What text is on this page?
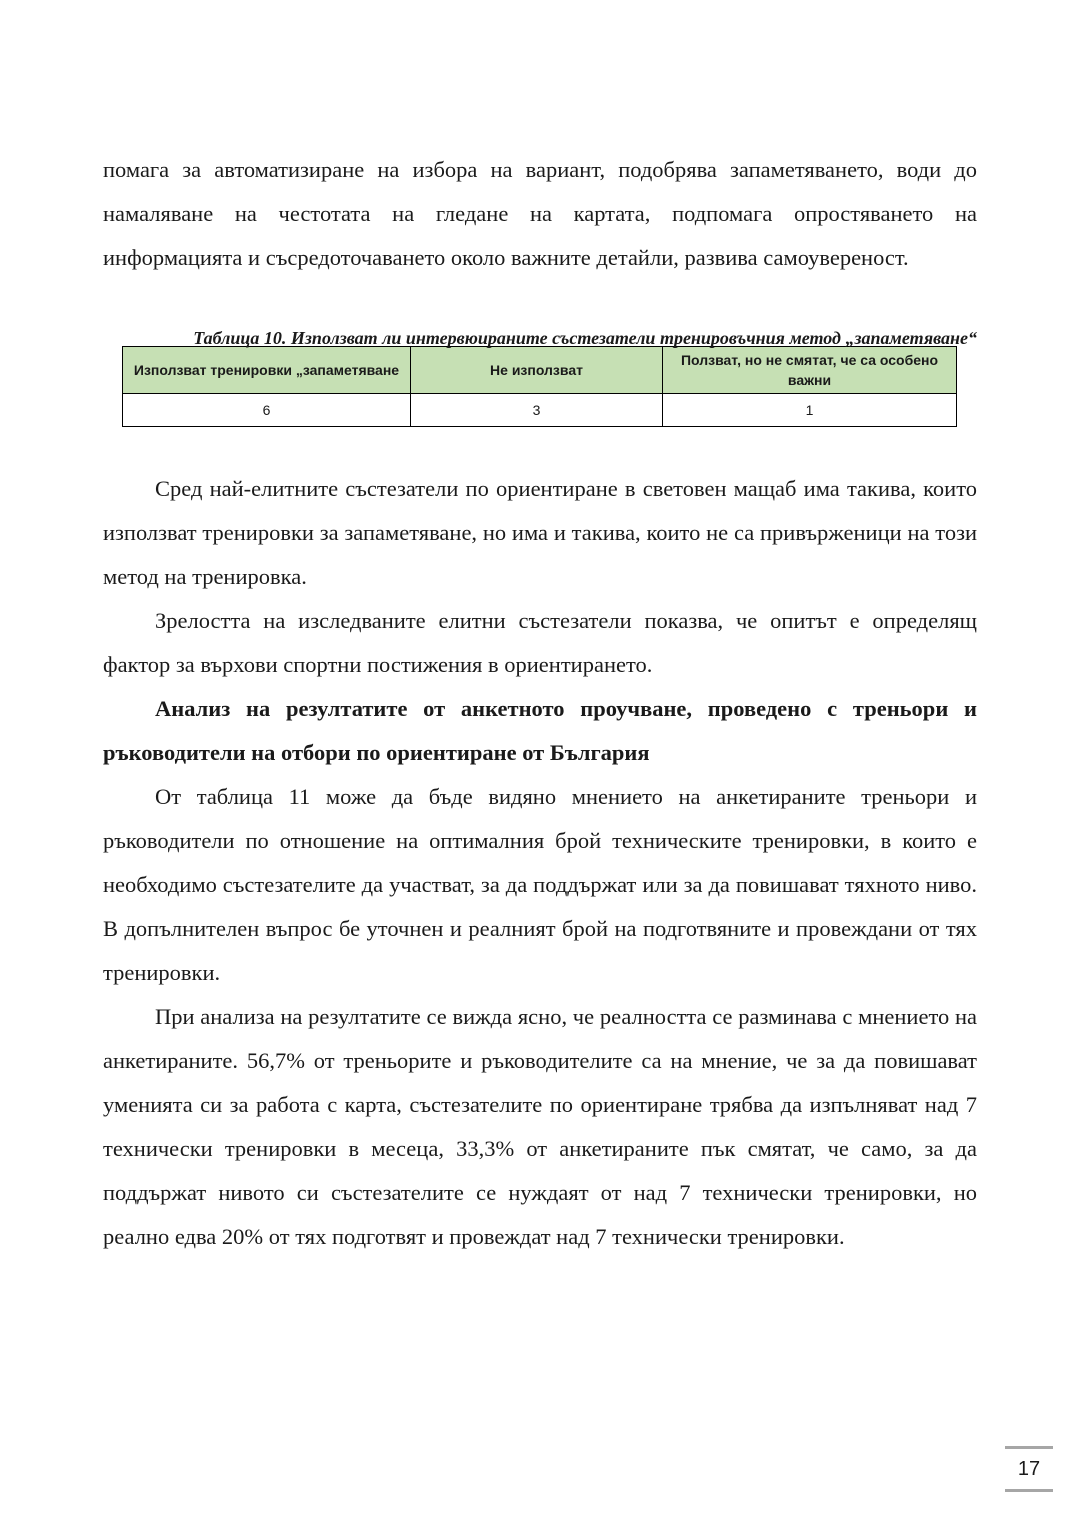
помага за автоматизиране на избора на вариант, подобрява запаметяването, води до намаляване на честотата на гледане на картата, подпомага опростяването на информацията и съсредоточаването около важните детайли, развива самоувереност.

Таблица 10. Използват ли интервюираните състезатели тренировъчния метод „запаметяване“
Използват тренировки „запаметяване	Не използват	Ползват, но не смятат, че са особено важни
6	3	1

Сред най-елитните състезатели по ориентиране в световен мащаб има такива, които използват тренировки за запаметяване, но има и такива, които не са привърженици на този метод на тренировка.

Зрелостта на изследваните елитни състезатели показва, че опитът е определящ фактор за върхови спортни постижения в ориентирането.

Анализ на резултатите от анкетното проучване, проведено с треньори и ръководители на отбори по ориентиране от България

От таблица 11 може да бъде видяно мнението на анкетираните треньори и ръководители по отношение на оптималния брой техническите тренировки, в които е необходимо състезателите да участват, за да поддържат или за да повишават тяхното ниво. В допълнителен въпрос бе уточнен и реалният брой на подготвяните и провеждани от тях тренировки.

При анализа на резултатите се вижда ясно, че реалността се разминава с мнението на анкетираните. 56,7% от треньорите и ръководителите са на мнение, че за да повишават уменията си за работа с карта, състезателите по ориентиране трябва да изпълняват над 7 технически тренировки в месеца, 33,3% от анкетираните пък смятат, че само, за да поддържат нивото си състезателите се нуждаят от над 7 технически тренировки, но реално едва 20% от тях подготвят и провеждат над 7 технически тренировки.

17
